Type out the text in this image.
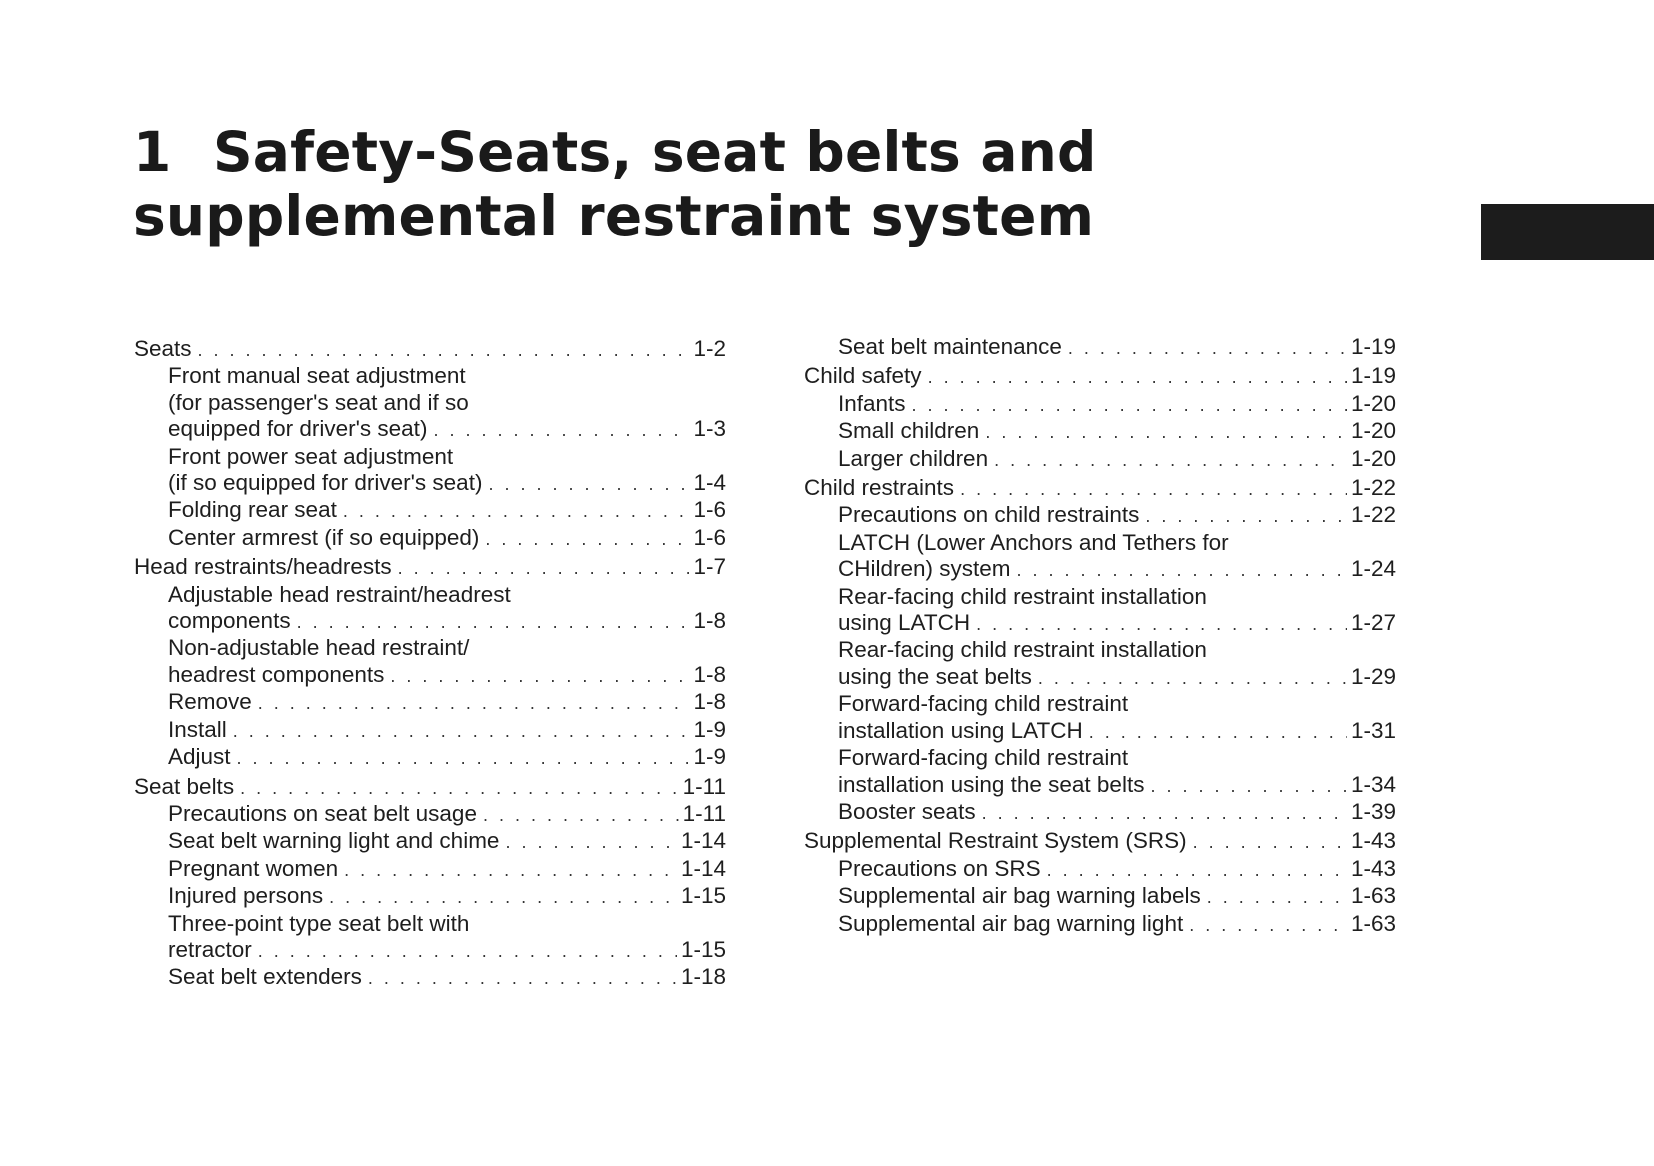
1 Safety-Seats, seat belts and
supplemental restraint system
Seats . . .	1-2
Front manual seat adjustment
(for passenger's seat and if so
equipped for driver's seat) . . .	1-3
Front power seat adjustment
(if so equipped for driver's seat) . . .	1-4
Folding rear seat . . .	1-6
Center armrest (if so equipped) . . .	1-6
Head restraints/headrests . . .	1-7
Adjustable head restraint/headrest
components . . .	1-8
Non-adjustable head restraint/
headrest components . . .	1-8
Remove . . .	1-8
Install . . .	1-9
Adjust . . .	1-9
Seat belts . . .	1-11
Precautions on seat belt usage . . .	1-11
Seat belt warning light and chime . . .	1-14
Pregnant women . . .	1-14
Injured persons . . .	1-15
Three-point type seat belt with
retractor . . .	1-15
Seat belt extenders . . .	1-18
Seat belt maintenance . . .	1-19
Child safety . . .	1-19
Infants . . .	1-20
Small children . . .	1-20
Larger children . . .	1-20
Child restraints . . .	1-22
Precautions on child restraints . . .	1-22
LATCH (Lower Anchors and Tethers for
CHildren) system . . .	1-24
Rear-facing child restraint installation
using LATCH . . .	1-27
Rear-facing child restraint installation
using the seat belts . . .	1-29
Forward-facing child restraint
installation using LATCH . . .	1-31
Forward-facing child restraint
installation using the seat belts . . .	1-34
Booster seats . . .	1-39
Supplemental Restraint System (SRS) . . .	1-43
Precautions on SRS . . .	1-43
Supplemental air bag warning labels . . .	1-63
Supplemental air bag warning light . . .	1-63
